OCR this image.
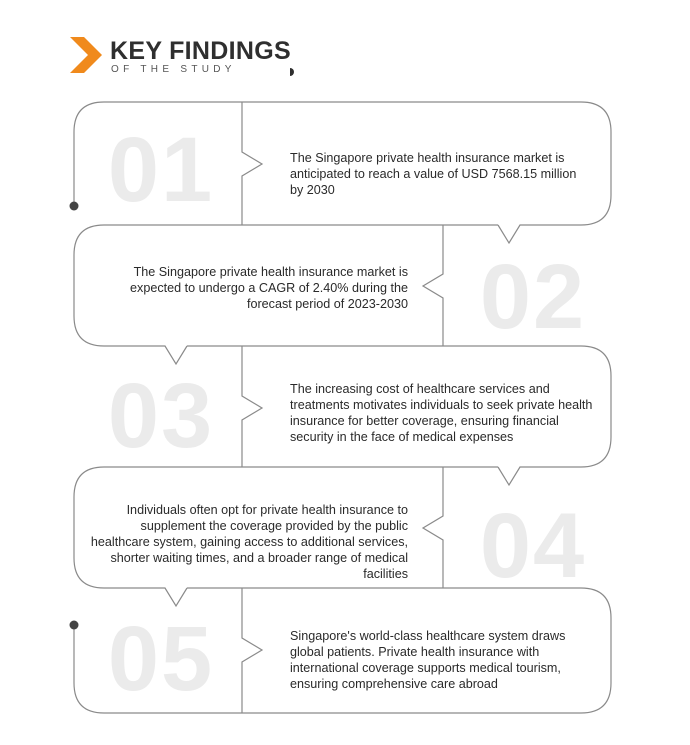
KEY FINDINGS
OF THE STUDY
01
02
03
04
05
The Singapore private health insurance market is anticipated to reach a value of USD 7568.15 million by 2030
The Singapore private health insurance market is expected to undergo a CAGR of 2.40% during the forecast period of 2023-2030
The increasing cost of healthcare services and treatments motivates individuals to seek private health insurance for better coverage, ensuring financial security in the face of medical expenses
Individuals often opt for private health insurance to supplement the coverage provided by the public healthcare system, gaining access to additional services, shorter waiting times, and a broader range of medical facilities
Singapore's world-class healthcare system draws global patients. Private health insurance with international coverage supports medical tourism, ensuring comprehensive care abroad
